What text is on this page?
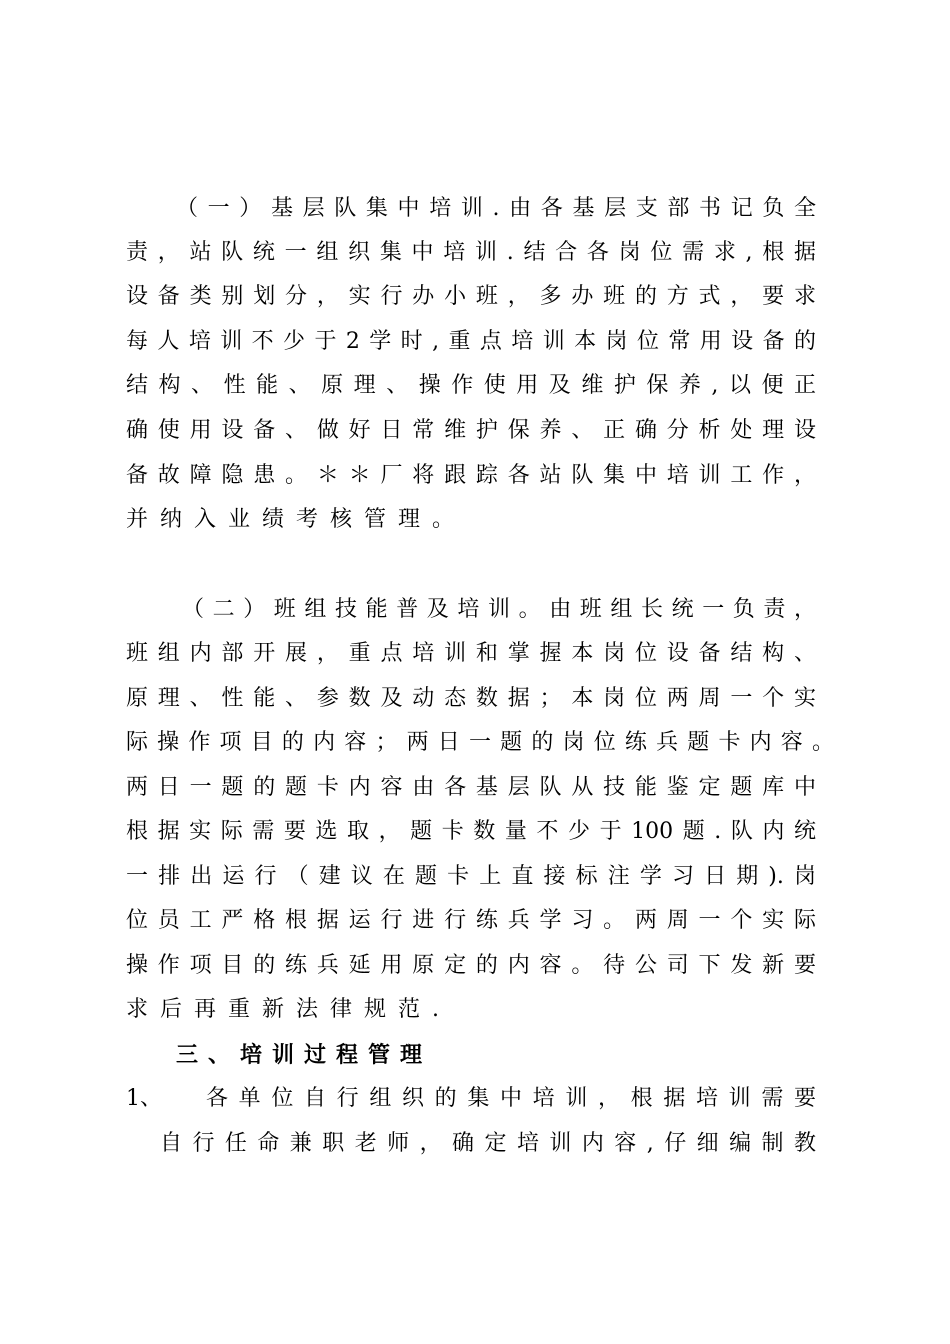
（一）基层队集中培训.由各基层支部书记负全
责，站队统一组织集中培训.结合各岗位需求,根据
设备类别划分，实行办小班，多办班的方式，要求
每人培训不少于2学时,重点培训本岗位常用设备的
结构、性能、原理、操作使用及维护保养,以便正
确使用设备、做好日常维护保养、正确分析处理设
备故障隐患。＊＊厂将跟踪各站队集中培训工作，
并纳入业绩考核管理。
（二）班组技能普及培训。由班组长统一负责，
班组内部开展，重点培训和掌握本岗位设备结构、
原理、性能、参数及动态数据；本岗位两周一个实
际操作项目的内容；两日一题的岗位练兵题卡内容。
两日一题的题卡内容由各基层队从技能鉴定题库中
根据实际需要选取，题卡数量不少于100题.队内统
一排出运行（建议在题卡上直接标注学习日期).岗
位员工严格根据运行进行练兵学习。两周一个实际
操作项目的练兵延用原定的内容。待公司下发新要
求后再重新法律规范.
三、培训过程管理
1、 各单位自行组织的集中培训，根据培训需要
自行任命兼职老师，确定培训内容,仔细编制教
